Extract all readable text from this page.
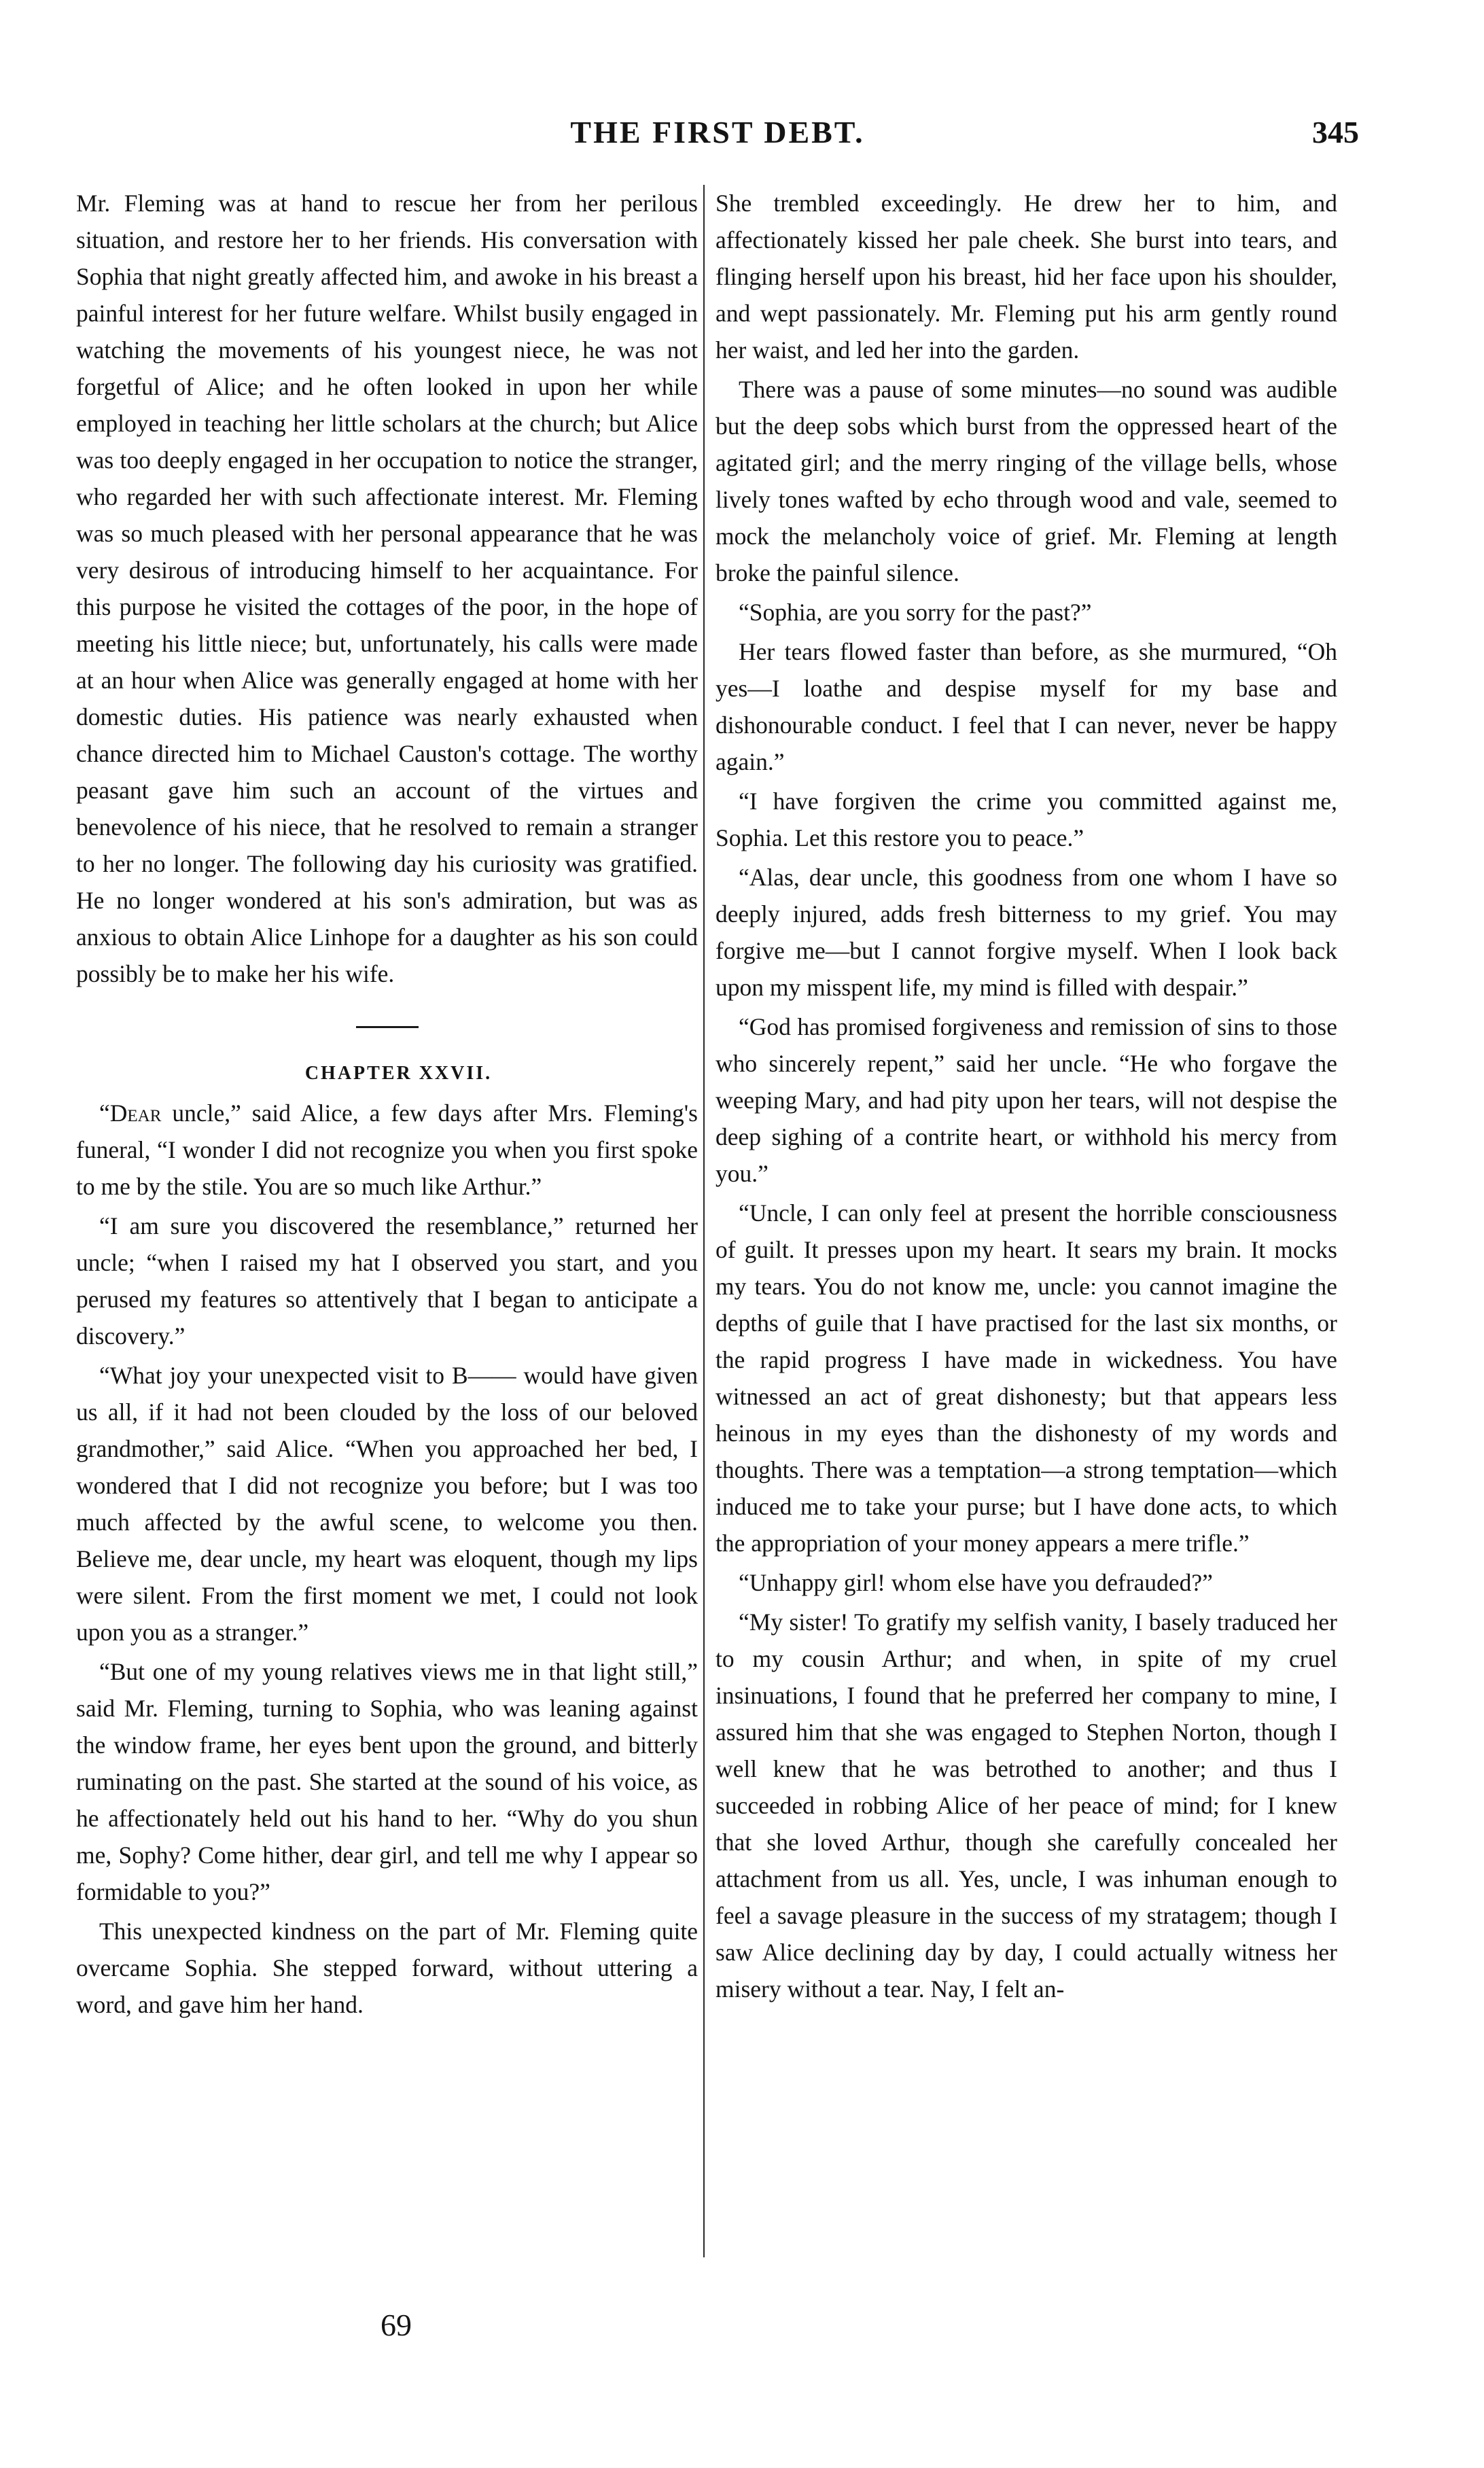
THE FIRST DEBT.	345

Mr. Fleming was at hand to rescue her from her perilous situation, and restore her to her friends. His conversation with Sophia that night greatly affected him, and awoke in his breast a painful interest for her future welfare. Whilst busily engaged in watching the movements of his youngest niece, he was not forgetful of Alice; and he often looked in upon her while employed in teaching her little scholars at the church; but Alice was too deeply engaged in her occupation to notice the stranger, who regarded her with such affectionate interest. Mr. Fleming was so much pleased with her personal appearance that he was very desirous of introducing himself to her acquaintance. For this purpose he visited the cottages of the poor, in the hope of meeting his little niece; but, unfortunately, his calls were made at an hour when Alice was generally engaged at home with her domestic duties. His patience was nearly exhausted when chance directed him to Michael Causton's cottage. The worthy peasant gave him such an account of the virtues and benevolence of his niece, that he resolved to remain a stranger to her no longer. The following day his curiosity was gratified. He no longer wondered at his son's admiration, but was as anxious to obtain Alice Linhope for a daughter as his son could possibly be to make her his wife.

CHAPTER XXVII.

“Dear uncle,” said Alice, a few days after Mrs. Fleming's funeral, “I wonder I did not recognize you when you first spoke to me by the stile. You are so much like Arthur.”

“I am sure you discovered the resemblance,” returned her uncle; “when I raised my hat I observed you start, and you perused my features so attentively that I began to anticipate a discovery.”

“What joy your unexpected visit to B—— would have given us all, if it had not been clouded by the loss of our beloved grandmother,” said Alice. “When you approached her bed, I wondered that I did not recognize you before; but I was too much affected by the awful scene, to welcome you then. Believe me, dear uncle, my heart was eloquent, though my lips were silent. From the first moment we met, I could not look upon you as a stranger.”

“But one of my young relatives views me in that light still,” said Mr. Fleming, turning to Sophia, who was leaning against the window frame, her eyes bent upon the ground, and bitterly ruminating on the past. She started at the sound of his voice, as he affectionately held out his hand to her. “Why do you shun me, Sophy? Come hither, dear girl, and tell me why I appear so formidable to you?”

This unexpected kindness on the part of Mr. Fleming quite overcame Sophia. She stepped forward, without uttering a word, and gave him her hand.

She trembled exceedingly. He drew her to him, and affectionately kissed her pale cheek. She burst into tears, and flinging herself upon his breast, hid her face upon his shoulder, and wept passionately. Mr. Fleming put his arm gently round her waist, and led her into the garden.

There was a pause of some minutes—no sound was audible but the deep sobs which burst from the oppressed heart of the agitated girl; and the merry ringing of the village bells, whose lively tones wafted by echo through wood and vale, seemed to mock the melancholy voice of grief. Mr. Fleming at length broke the painful silence.

“Sophia, are you sorry for the past?”

Her tears flowed faster than before, as she murmured, “Oh yes—I loathe and despise myself for my base and dishonourable conduct. I feel that I can never, never be happy again.”

“I have forgiven the crime you committed against me, Sophia. Let this restore you to peace.”

“Alas, dear uncle, this goodness from one whom I have so deeply injured, adds fresh bitterness to my grief. You may forgive me—but I cannot forgive myself. When I look back upon my misspent life, my mind is filled with despair.”

“God has promised forgiveness and remission of sins to those who sincerely repent,” said her uncle. “He who forgave the weeping Mary, and had pity upon her tears, will not despise the deep sighing of a contrite heart, or withhold his mercy from you.”

“Uncle, I can only feel at present the horrible consciousness of guilt. It presses upon my heart. It sears my brain. It mocks my tears. You do not know me, uncle: you cannot imagine the depths of guile that I have practised for the last six months, or the rapid progress I have made in wickedness. You have witnessed an act of great dishonesty; but that appears less heinous in my eyes than the dishonesty of my words and thoughts. There was a temptation—a strong temptation—which induced me to take your purse; but I have done acts, to which the appropriation of your money appears a mere trifle.”

“Unhappy girl! whom else have you defrauded?”

“My sister! To gratify my selfish vanity, I basely traduced her to my cousin Arthur; and when, in spite of my cruel insinuations, I found that he preferred her company to mine, I assured him that she was engaged to Stephen Norton, though I well knew that he was betrothed to another; and thus I succeeded in robbing Alice of her peace of mind; for I knew that she loved Arthur, though she carefully concealed her attachment from us all. Yes, uncle, I was inhuman enough to feel a savage pleasure in the success of my stratagem; though I saw Alice declining day by day, I could actually witness her misery without a tear. Nay, I felt an-

69
